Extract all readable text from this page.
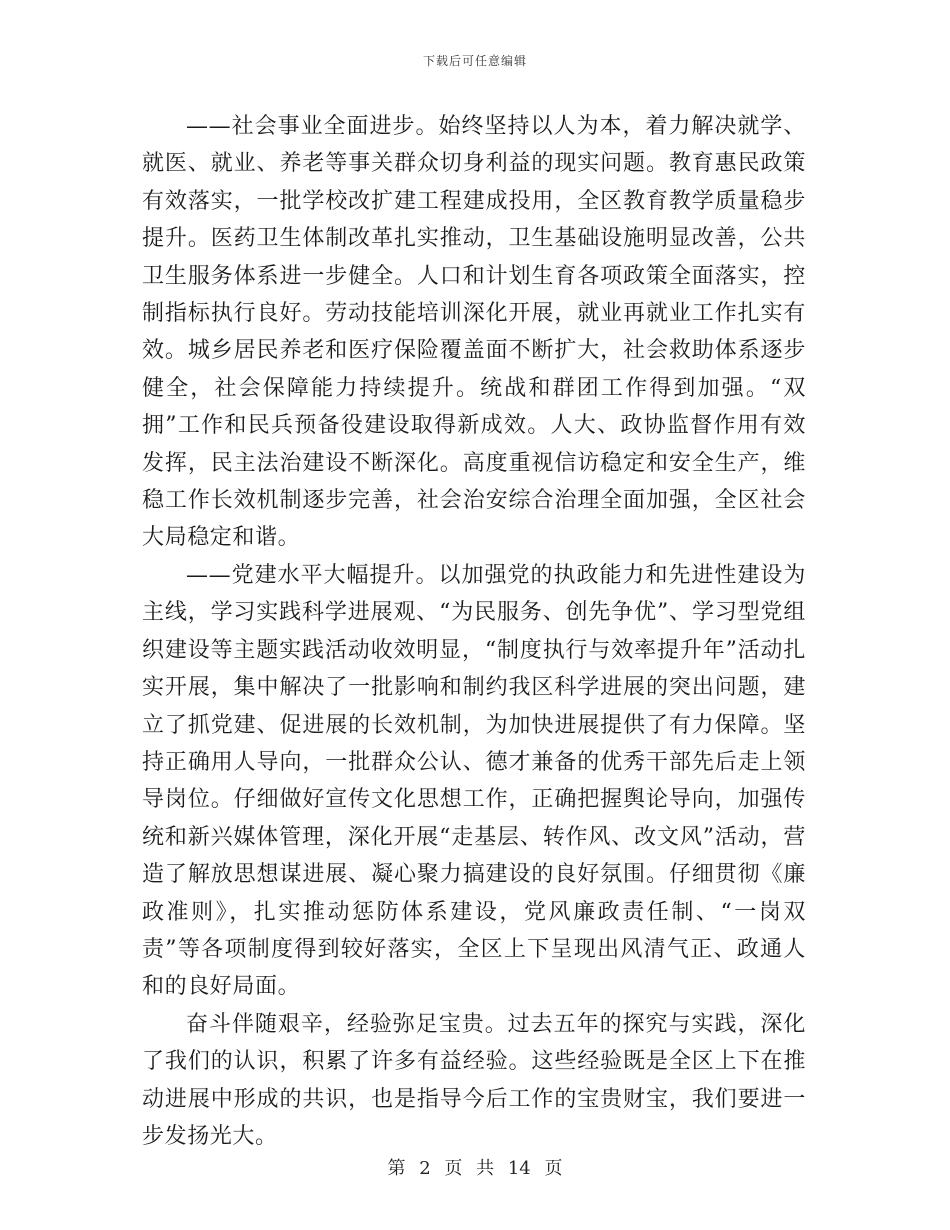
下载后可任意编辑

——社会事业全面进步。始终坚持以人为本，着力解决就学、就医、就业、养老等事关群众切身利益的现实问题。教育惠民政策有效落实，一批学校改扩建工程建成投用，全区教育教学质量稳步提升。医药卫生体制改革扎实推动，卫生基础设施明显改善，公共卫生服务体系进一步健全。人口和计划生育各项政策全面落实，控制指标执行良好。劳动技能培训深化开展，就业再就业工作扎实有效。城乡居民养老和医疗保险覆盖面不断扩大，社会救助体系逐步健全，社会保障能力持续提升。统战和群团工作得到加强。“双拥”工作和民兵预备役建设取得新成效。人大、政协监督作用有效发挥，民主法治建设不断深化。高度重视信访稳定和安全生产，维稳工作长效机制逐步完善，社会治安综合治理全面加强，全区社会大局稳定和谐。

——党建水平大幅提升。以加强党的执政能力和先进性建设为主线，学习实践科学进展观、“为民服务、创先争优”、学习型党组织建设等主题实践活动收效明显，“制度执行与效率提升年”活动扎实开展，集中解决了一批影响和制约我区科学进展的突出问题，建立了抓党建、促进展的长效机制，为加快进展提供了有力保障。坚持正确用人导向，一批群众公认、德才兼备的优秀干部先后走上领导岗位。仔细做好宣传文化思想工作，正确把握舆论导向，加强传统和新兴媒体管理，深化开展“走基层、转作风、改文风”活动，营造了解放思想谋进展、凝心聚力搞建设的良好氛围。仔细贯彻《廉政准则》，扎实推动惩防体系建设，党风廉政责任制、“一岗双责”等各项制度得到较好落实，全区上下呈现出风清气正、政通人和的良好局面。

奋斗伴随艰辛，经验弥足宝贵。过去五年的探究与实践，深化了我们的认识，积累了许多有益经验。这些经验既是全区上下在推动进展中形成的共识，也是指导今后工作的宝贵财宝，我们要进一步发扬光大。

第 2 页 共 14 页
